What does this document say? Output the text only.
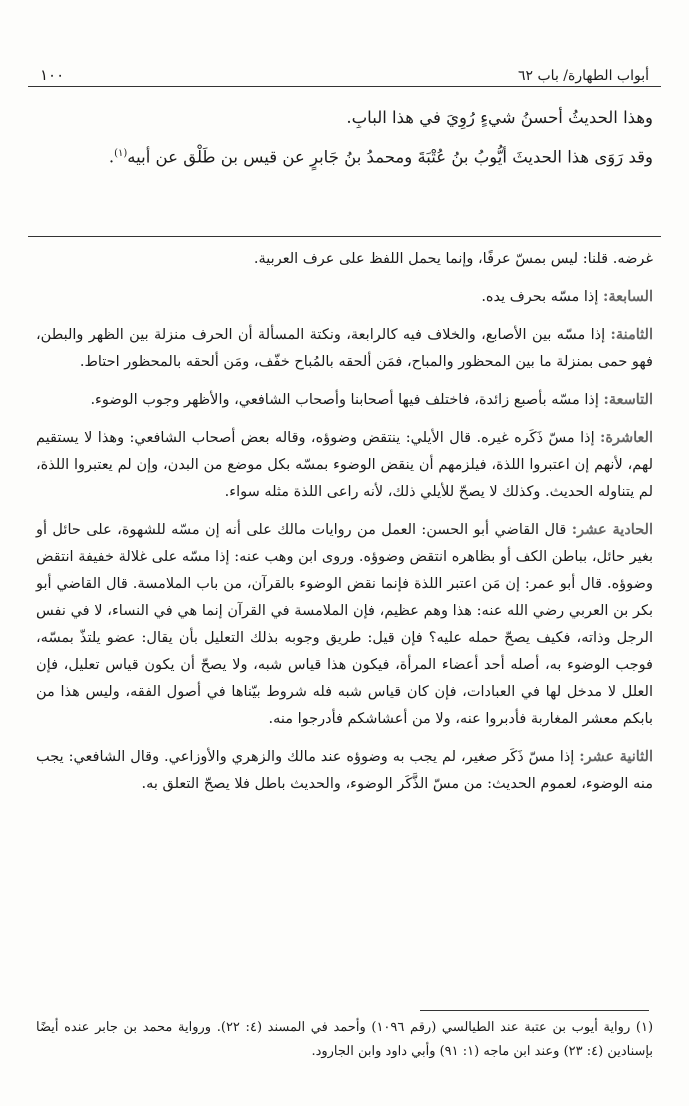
١٠٠	أبواب الطهارة/ باب ٦٢
وهذا الحديثُ أحسنُ شيءٍ رُوِيَ في هذا البابِ.
وقد رَوَى هذا الحديثَ أيُّوبُ بنُ عُتْبَةَ ومحمدُ بنُ جَابرٍ عن قيس بن طَلْق عن أبيه$^{(١)}$.

غرضه. قلنا: ليس بمسّ عرفًا، وإنما يحمل اللفظ على عرف العربية.

السابعة: إذا مسّه بحرف يده.

الثامنة: إذا مسّه بين الأصابع، والخلاف فيه كالرابعة، ونكتة المسألة أن الحرف منزلة بين الظهر والبطن، فهو حمى بمنزلة ما بين المحظور والمباح، فمَن ألحقه بالمُباح خفّف، ومَن ألحقه بالمحظور احتاط.

التاسعة: إذا مسّه بأصبع زائدة، فاختلف فيها أصحابنا وأصحاب الشافعي، والأظهر وجوب الوضوء.

العاشرة: إذا مسّ ذَكَره غيره. قال الأيلي: ينتقض وضوؤه، وقاله بعض أصحاب الشافعي: وهذا لا يستقيم لهم، لأنهم إن اعتبروا اللذة، فيلزمهم أن ينقض الوضوء بمسّه بكل موضع من البدن، وإن لم يعتبروا اللذة، لم يتناوله الحديث. وكذلك لا يصحّ للأيلي ذلك، لأنه راعى اللذة مثله سواء.

الحادية عشر: قال القاضي أبو الحسن: العمل من روايات مالك على أنه إن مسّه للشهوة، على حائل أو بغير حائل، بباطن الكف أو بظاهره انتقض وضوؤه. وروى ابن وهب عنه: إذا مسّه على غلالة خفيفة انتقض وضوؤه. قال أبو عمر: إن مَن اعتبر اللذة فإنما نقض الوضوء بالقرآن، من باب الملامسة. قال القاضي أبو بكر بن العربي رضي الله عنه: هذا وهم عظيم، فإن الملامسة في القرآن إنما هي في النساء، لا في نفس الرجل وذاته، فكيف يصحّ حمله عليه؟ فإن قيل: طريق وجوبه بذلك التعليل بأن يقال: عضو يلتذّ بمسّه، فوجب الوضوء به، أصله أحد أعضاء المرأة، فيكون هذا قياس شبه، ولا يصحّ أن يكون قياس تعليل، فإن العلل لا مدخل لها في العبادات، فإن كان قياس شبه فله شروط بيّناها في أصول الفقه، وليس هذا من بابكم معشر المغاربة فأدبروا عنه، ولا من أعشاشكم فأدرجوا منه.

الثانية عشر: إذا مسّ ذَكَر صغير، لم يجب به وضوؤه عند مالك والزهري والأوزاعي. وقال الشافعي: يجب منه الوضوء، لعموم الحديث: من مسّ الذَّكَر الوضوء، والحديث باطل فلا يصحّ التعلق به.

(١) رواية أيوب بن عتبة عند الطيالسي (رقم ١٠٩٦) وأحمد في المسند (٤: ٢٢). ورواية محمد بن جابر عنده أيضًا بإسنادين (٤: ٢٣) وعند ابن ماجه (١: ٩١) وأبي داود وابن الجارود.
